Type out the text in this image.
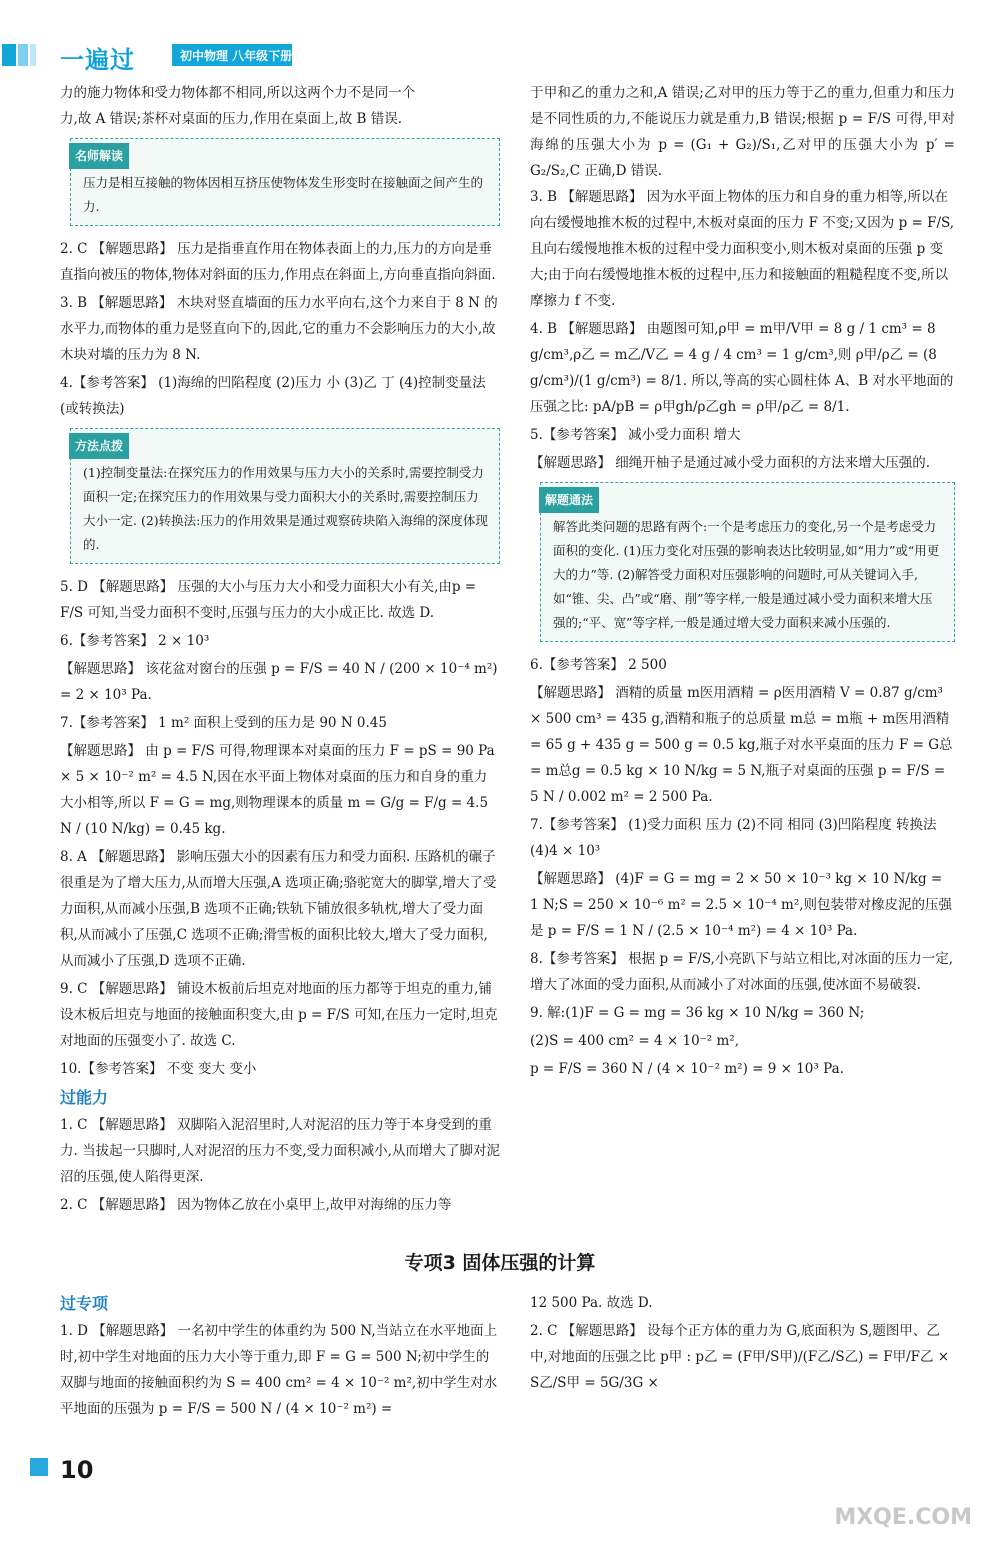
一遍过	初中物理 八年级下册 HK

力的施力物体和受力物体都不相同,所以这两个力不是同一个

力,故 A 错误;茶杯对桌面的压力,作用在桌面上,故 B 错误.

名师解读
压力是相互接触的物体因相互挤压使物体发生形变时在接触面之间产生的力.

2. C 【解题思路】 压力是指垂直作用在物体表面上的力,压力的方向是垂直指向被压的物体,物体对斜面的压力,作用点在斜面上,方向垂直指向斜面.

3. B 【解题思路】 木块对竖直墙面的压力水平向右,这个力来自于 8 N 的水平力,而物体的重力是竖直向下的,因此,它的重力不会影响压力的大小,故木块对墙的压力为 8 N.

4.【参考答案】 (1)海绵的凹陷程度 (2)压力 小 (3)乙 丁 (4)控制变量法(或转换法)

方法点拨
(1)控制变量法:在探究压力的作用效果与压力大小的关系时,需要控制受力面积一定;在探究压力的作用效果与受力面积大小的关系时,需要控制压力大小一定. (2)转换法:压力的作用效果是通过观察砖块陷入海绵的深度体现的.

5. D 【解题思路】 压强的大小与压力大小和受力面积大小有关,由p = F/S 可知,当受力面积不变时,压强与压力的大小成正比. 故选 D.

6.【参考答案】 2 × 10³

【解题思路】 该花盆对窗台的压强 p = F/S = 40 N / (200 × 10⁻⁴ m²) = 2 × 10³ Pa.

7.【参考答案】 1 m² 面积上受到的压力是 90 N 0.45

【解题思路】 由 p = F/S 可得,物理课本对桌面的压力 F = pS = 90 Pa × 5 × 10⁻² m² = 4.5 N,因在水平面上物体对桌面的压力和自身的重力大小相等,所以 F = G = mg,则物理课本的质量 m = G/g = F/g = 4.5 N / (10 N/kg) = 0.45 kg.

8. A 【解题思路】 影响压强大小的因素有压力和受力面积. 压路机的碾子很重是为了增大压力,从而增大压强,A 选项正确;骆驼宽大的脚掌,增大了受力面积,从而减小压强,B 选项不正确;铁轨下铺放很多轨枕,增大了受力面积,从而减小了压强,C 选项不正确;滑雪板的面积比较大,增大了受力面积,从而减小了压强,D 选项不正确.

9. C 【解题思路】 铺设木板前后坦克对地面的压力都等于坦克的重力,铺设木板后坦克与地面的接触面积变大,由 p = F/S 可知,在压力一定时,坦克对地面的压强变小了. 故选 C.

10.【参考答案】 不变 变大 变小

过能力

1. C 【解题思路】 双脚陷入泥沼里时,人对泥沼的压力等于本身受到的重力. 当拔起一只脚时,人对泥沼的压力不变,受力面积减小,从而增大了脚对泥沼的压强,使人陷得更深.

2. C 【解题思路】 因为物体乙放在小桌甲上,故甲对海绵的压力等

于甲和乙的重力之和,A 错误;乙对甲的压力等于乙的重力,但重力和压力是不同性质的力,不能说压力就是重力,B 错误;根据 p = F/S 可得,甲对海绵的压强大小为 p = (G₁ + G₂)/S₁,乙对甲的压强大小为 p′ = G₂/S₂,C 正确,D 错误.

3. B 【解题思路】 因为水平面上物体的压力和自身的重力相等,所以在向右缓慢地推木板的过程中,木板对桌面的压力 F 不变;又因为 p = F/S,且向右缓慢地推木板的过程中受力面积变小,则木板对桌面的压强 p 变大;由于向右缓慢地推木板的过程中,压力和接触面的粗糙程度不变,所以摩擦力 f 不变.

4. B 【解题思路】 由题图可知,ρ甲 = m甲/V甲 = 8 g / 1 cm³ = 8 g/cm³,ρ乙 = m乙/V乙 = 4 g / 4 cm³ = 1 g/cm³,则 ρ甲/ρ乙 = (8 g/cm³)/(1 g/cm³) = 8/1. 所以,等高的实心圆柱体 A、B 对水平地面的压强之比: pA/pB = ρ甲gh/ρ乙gh = ρ甲/ρ乙 = 8/1.

5.【参考答案】 减小受力面积 增大

【解题思路】 细绳开柚子是通过减小受力面积的方法来增大压强的.

解题通法
解答此类问题的思路有两个:一个是考虑压力的变化,另一个是考虑受力面积的变化. (1)压力变化对压强的影响表达比较明显,如“用力”或“用更大的力”等. (2)解答受力面积对压强影响的问题时,可从关键词入手,如“锥、尖、凸”或“磨、削”等字样,一般是通过减小受力面积来增大压强的;“平、宽”等字样,一般是通过增大受力面积来减小压强的.

6.【参考答案】 2 500

【解题思路】 酒精的质量 m医用酒精 = ρ医用酒精 V = 0.87 g/cm³ × 500 cm³ = 435 g,酒精和瓶子的总质量 m总 = m瓶 + m医用酒精 = 65 g + 435 g = 500 g = 0.5 kg,瓶子对水平桌面的压力 F = G总 = m总g = 0.5 kg × 10 N/kg = 5 N,瓶子对桌面的压强 p = F/S = 5 N / 0.002 m² = 2 500 Pa.

7.【参考答案】 (1)受力面积 压力 (2)不同 相同 (3)凹陷程度 转换法 (4)4 × 10³

【解题思路】 (4)F = G = mg = 2 × 50 × 10⁻³ kg × 10 N/kg = 1 N;S = 250 × 10⁻⁶ m² = 2.5 × 10⁻⁴ m²,则包装带对橡皮泥的压强是 p = F/S = 1 N / (2.5 × 10⁻⁴ m²) = 4 × 10³ Pa.

8.【参考答案】 根据 p = F/S,小亮趴下与站立相比,对冰面的压力一定,增大了冰面的受力面积,从而减小了对冰面的压强,使冰面不易破裂.

9. 解:(1)F = G = mg = 36 kg × 10 N/kg = 360 N;

(2)S = 400 cm² = 4 × 10⁻² m²,

p = F/S = 360 N / (4 × 10⁻² m²) = 9 × 10³ Pa.

专项3 固体压强的计算
过专项

1. D 【解题思路】 一名初中学生的体重约为 500 N,当站立在水平地面上时,初中学生对地面的压力大小等于重力,即 F = G = 500 N;初中学生的双脚与地面的接触面积约为 S = 400 cm² = 4 × 10⁻² m²,初中学生对水平地面的压强为 p = F/S = 500 N / (4 × 10⁻² m²) =

12 500 Pa. 故选 D.

2. C 【解题思路】 设每个正方体的重力为 G,底面积为 S,题图甲、乙中,对地面的压强之比 p甲 : p乙 = (F甲/S甲)/(F乙/S乙) = F甲/F乙 × S乙/S甲 = 5G/3G ×

10
MXQE.COM
